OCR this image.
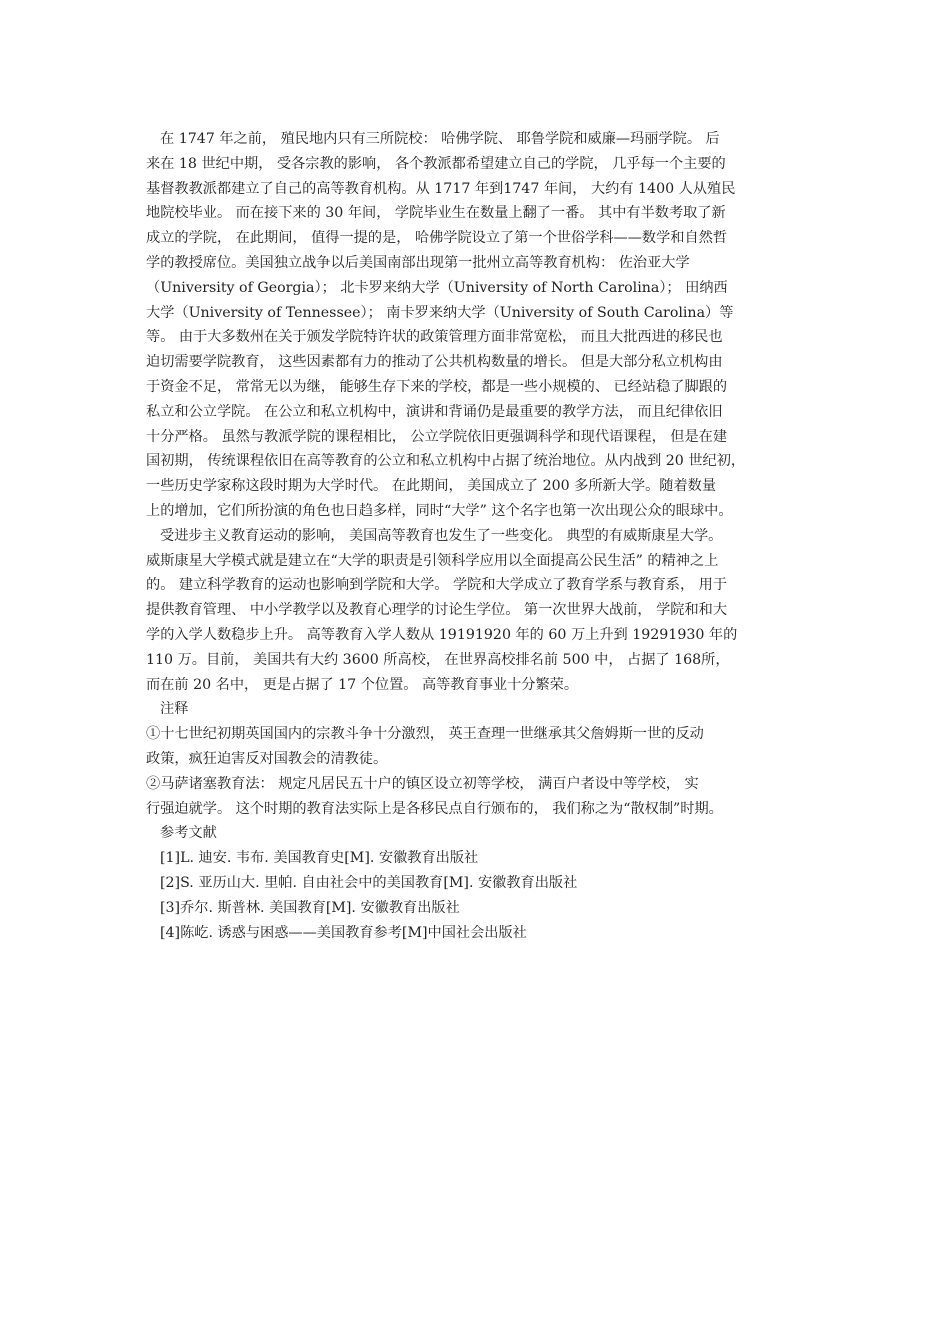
在 1747 年之前， 殖民地内只有三所院校： 哈佛学院、 耶鲁学院和威廉—玛丽学院。 后
来在 18 世纪中期， 受各宗教的影响， 各个教派都希望建立自己的学院， 几乎每一个主要的
基督教教派都建立了自己的高等教育机构。从 1717 年到1747 年间， 大约有 1400 人从殖民
地院校毕业。 而在接下来的 30 年间， 学院毕业生在数量上翻了一番。 其中有半数考取了新
成立的学院， 在此期间， 值得一提的是， 哈佛学院设立了第一个世俗学科——数学和自然哲
学的教授席位。美国独立战争以后美国南部出现第一批州立高等教育机构： 佐治亚大学
（University of Georgia）； 北卡罗来纳大学（University of North Carolina）； 田纳西
大学（University of Tennessee）； 南卡罗来纳大学（University of South Carolina）等
等。 由于大多数州在关于颁发学院特许状的政策管理方面非常宽松， 而且大批西进的移民也
迫切需要学院教育， 这些因素都有力的推动了公共机构数量的增长。 但是大部分私立机构由
于资金不足， 常常无以为继， 能够生存下来的学校，都是一些小规模的、 已经站稳了脚跟的
私立和公立学院。 在公立和私立机构中，演讲和背诵仍是最重要的教学方法， 而且纪律依旧
十分严格。 虽然与教派学院的课程相比， 公立学院依旧更强调科学和现代语课程， 但是在建
国初期， 传统课程依旧在高等教育的公立和私立机构中占据了统治地位。从内战到 20 世纪初，
一些历史学家称这段时期为大学时代。 在此期间， 美国成立了 200 多所新大学。随着数量
上的增加，它们所扮演的角色也日趋多样，同时“大学” 这个名字也第一次出现公众的眼球中。
受进步主义教育运动的影响， 美国高等教育也发生了一些变化。 典型的有威斯康星大学。
威斯康星大学模式就是建立在“大学的职责是引领科学应用以全面提高公民生活” 的精神之上
的。 建立科学教育的运动也影响到学院和大学。 学院和大学成立了教育学系与教育系， 用于
提供教育管理、 中小学教学以及教育心理学的讨论生学位。 第一次世界大战前， 学院和和大
学的入学人数稳步上升。 高等教育入学人数从 19191920 年的 60 万上升到 19291930 年的
110 万。目前， 美国共有大约 3600 所高校， 在世界高校排名前 500 中， 占据了 168所，
而在前 20 名中， 更是占据了 17 个位置。 高等教育事业十分繁荣。
注释
①十七世纪初期英国国内的宗教斗争十分激烈， 英王查理一世继承其父詹姆斯一世的反动
政策，疯狂迫害反对国教会的清教徒。
②马萨诸塞教育法： 规定凡居民五十户的镇区设立初等学校， 满百户者设中等学校， 实
行强迫就学。 这个时期的教育法实际上是各移民点自行颁布的， 我们称之为“散权制”时期。
参考文献
[1]L. 迪安. 韦布. 美国教育史[M]. 安徽教育出版社
[2]S. 亚历山大. 里帕. 自由社会中的美国教育[M]. 安徽教育出版社
[3]乔尔. 斯普林. 美国教育[M]. 安徽教育出版社
[4]陈屹. 诱惑与困惑——美国教育参考[M]中国社会出版社
